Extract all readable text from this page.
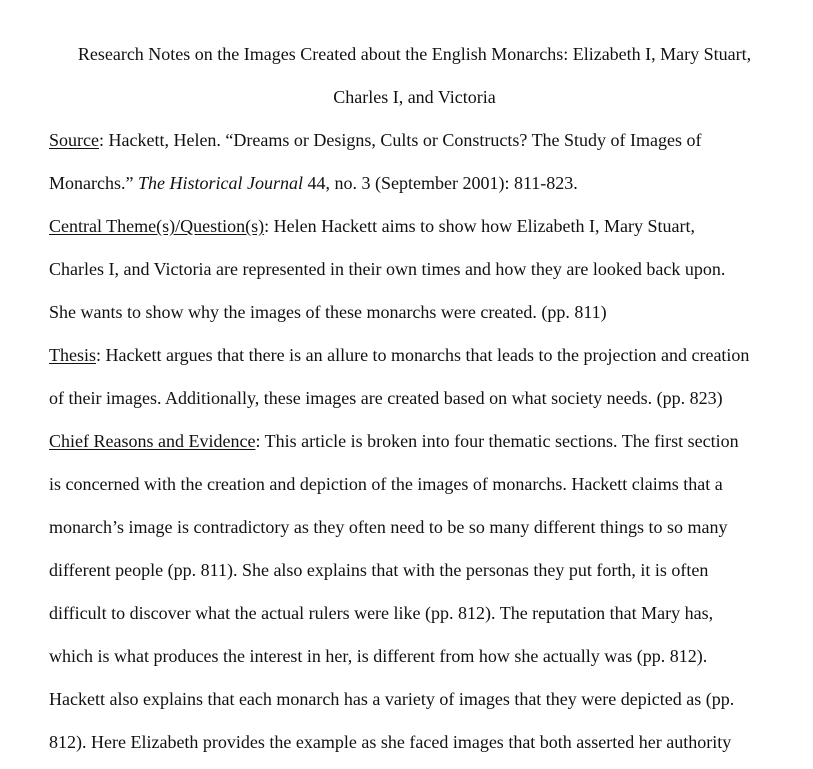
Research Notes on the Images Created about the English Monarchs: Elizabeth I, Mary Stuart,
Charles I, and Victoria
Source: Hackett, Helen. “Dreams or Designs, Cults or Constructs? The Study of Images of
Monarchs.” The Historical Journal 44, no. 3 (September 2001): 811-823.
Central Theme(s)/Question(s): Helen Hackett aims to show how Elizabeth I, Mary Stuart,
Charles I, and Victoria are represented in their own times and how they are looked back upon.
She wants to show why the images of these monarchs were created. (pp. 811)
Thesis: Hackett argues that there is an allure to monarchs that leads to the projection and creation
of their images. Additionally, these images are created based on what society needs. (pp. 823)
Chief Reasons and Evidence: This article is broken into four thematic sections. The first section
is concerned with the creation and depiction of the images of monarchs. Hackett claims that a
monarch’s image is contradictory as they often need to be so many different things to so many
different people (pp. 811). She also explains that with the personas they put forth, it is often
difficult to discover what the actual rulers were like (pp. 812). The reputation that Mary has,
which is what produces the interest in her, is different from how she actually was (pp. 812).
Hackett also explains that each monarch has a variety of images that they were depicted as (pp.
812). Here Elizabeth provides the example as she faced images that both asserted her authority
